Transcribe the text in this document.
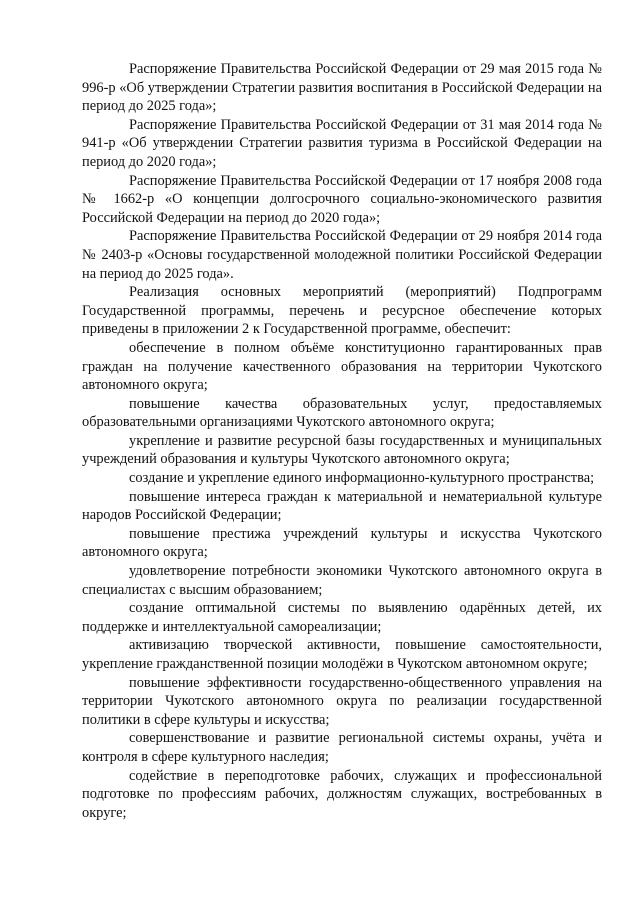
Распоряжение Правительства Российской Федерации от 29 мая 2015 года № 996-р «Об утверждении Стратегии развития воспитания в Российской Федерации на период до 2025 года»;

Распоряжение Правительства Российской Федерации от 31 мая 2014 года № 941-р «Об утверждении Стратегии развития туризма в Российской Федерации на период до 2020 года»;

Распоряжение Правительства Российской Федерации от 17 ноября 2008 года № 1662-р «О концепции долгосрочного социально-экономического развития Российской Федерации на период до 2020 года»;

Распоряжение Правительства Российской Федерации от 29 ноября 2014 года № 2403-р «Основы государственной молодежной политики Российской Федерации на период до 2025 года».

Реализация основных мероприятий (мероприятий) Подпрограмм Государственной программы, перечень и ресурсное обеспечение которых приведены в приложении 2 к Государственной программе, обеспечит:

обеспечение в полном объёме конституционно гарантированных прав граждан на получение качественного образования на территории Чукотского автономного округа;

повышение качества образовательных услуг, предоставляемых образовательными организациями Чукотского автономного округа;

укрепление и развитие ресурсной базы государственных и муниципальных учреждений образования и культуры Чукотского автономного округа;

создание и укрепление единого информационно-культурного пространства;

повышение интереса граждан к материальной и нематериальной культуре народов Российской Федерации;

повышение престижа учреждений культуры и искусства Чукотского автономного округа;

удовлетворение потребности экономики Чукотского автономного округа в специалистах с высшим образованием;

создание оптимальной системы по выявлению одарённых детей, их поддержке и интеллектуальной самореализации;

активизацию творческой активности, повышение самостоятельности, укрепление гражданственной позиции молодёжи в Чукотском автономном округе;

повышение эффективности государственно-общественного управления на территории Чукотского автономного округа по реализации государственной политики в сфере культуры и искусства;

совершенствование и развитие региональной системы охраны, учёта и контроля в сфере культурного наследия;

содействие в переподготовке рабочих, служащих и профессиональной подготовке по профессиям рабочих, должностям служащих, востребованных в округе;
